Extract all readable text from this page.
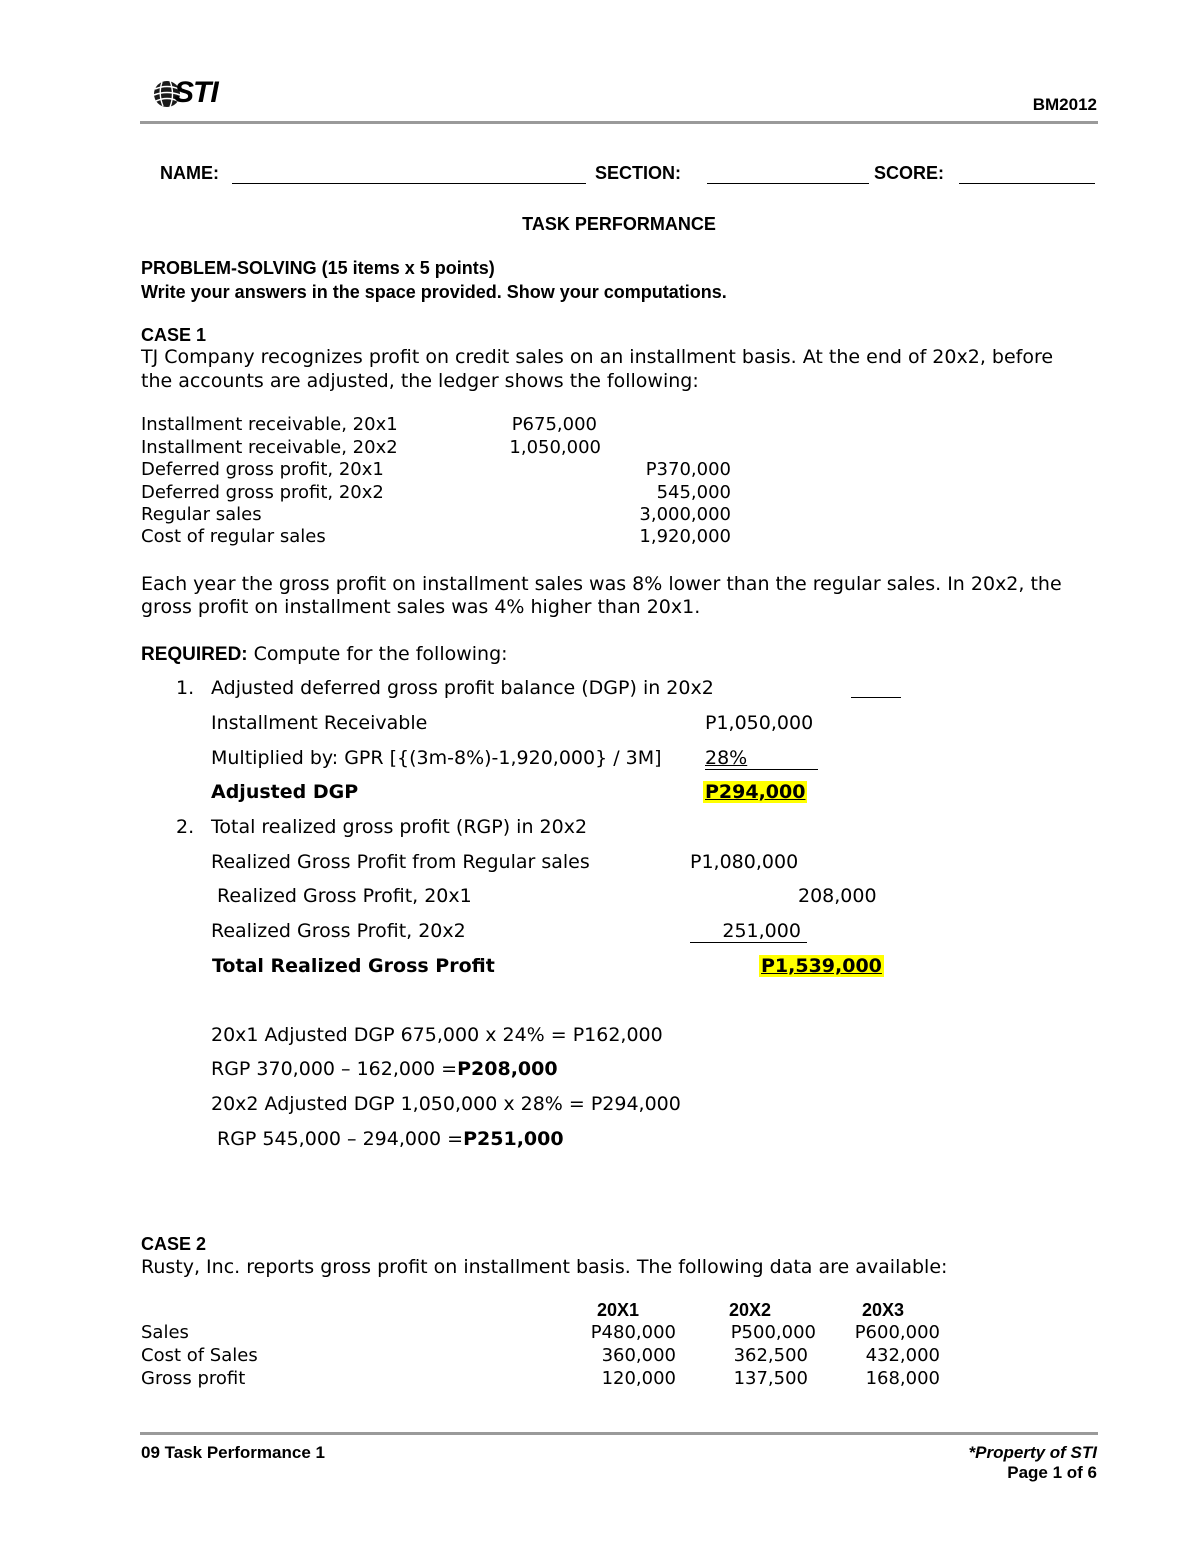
STI	BM2012
NAME:	SECTION:	SCORE:
TASK PERFORMANCE
PROBLEM-SOLVING (15 items x 5 points)
Write your answers in the space provided. Show your computations.
CASE 1
TJ Company recognizes profit on credit sales on an installment basis. At the end of 20x2, before
the accounts are adjusted, the ledger shows the following:
Installment receivable, 20x1	P675,000
Installment receivable, 20x2	1,050,000
Deferred gross profit, 20x1	P370,000
Deferred gross profit, 20x2	545,000
Regular sales	3,000,000
Cost of regular sales	1,920,000
Each year the gross profit on installment sales was 8% lower than the regular sales. In 20x2, the
gross profit on installment sales was 4% higher than 20x1.
REQUIRED: Compute for the following:
1. Adjusted deferred gross profit balance (DGP) in 20x2
Installment Receivable	P1,050,000
Multiplied by: GPR [{(3m-8%)-1,920,000} / 3M] 28%
Adjusted DGP	P294,000
2. Total realized gross profit (RGP) in 20x2
Realized Gross Profit from Regular sales	P1,080,000
Realized Gross Profit, 20x1	208,000
Realized Gross Profit, 20x2	251,000
Total Realized Gross Profit	P1,539,000
20x1 Adjusted DGP 675,000 x 24% = P162,000
RGP 370,000 – 162,000 =P208,000
20x2 Adjusted DGP 1,050,000 x 28% = P294,000
RGP 545,000 – 294,000 =P251,000
CASE 2
Rusty, Inc. reports gross profit on installment basis. The following data are available:
20X1	20X2	20X3
Sales	P480,000	P500,000	P600,000
Cost of Sales	360,000	362,500	432,000
Gross profit	120,000	137,500	168,000
09 Task Performance 1	*Property of STI
Page 1 of 6
